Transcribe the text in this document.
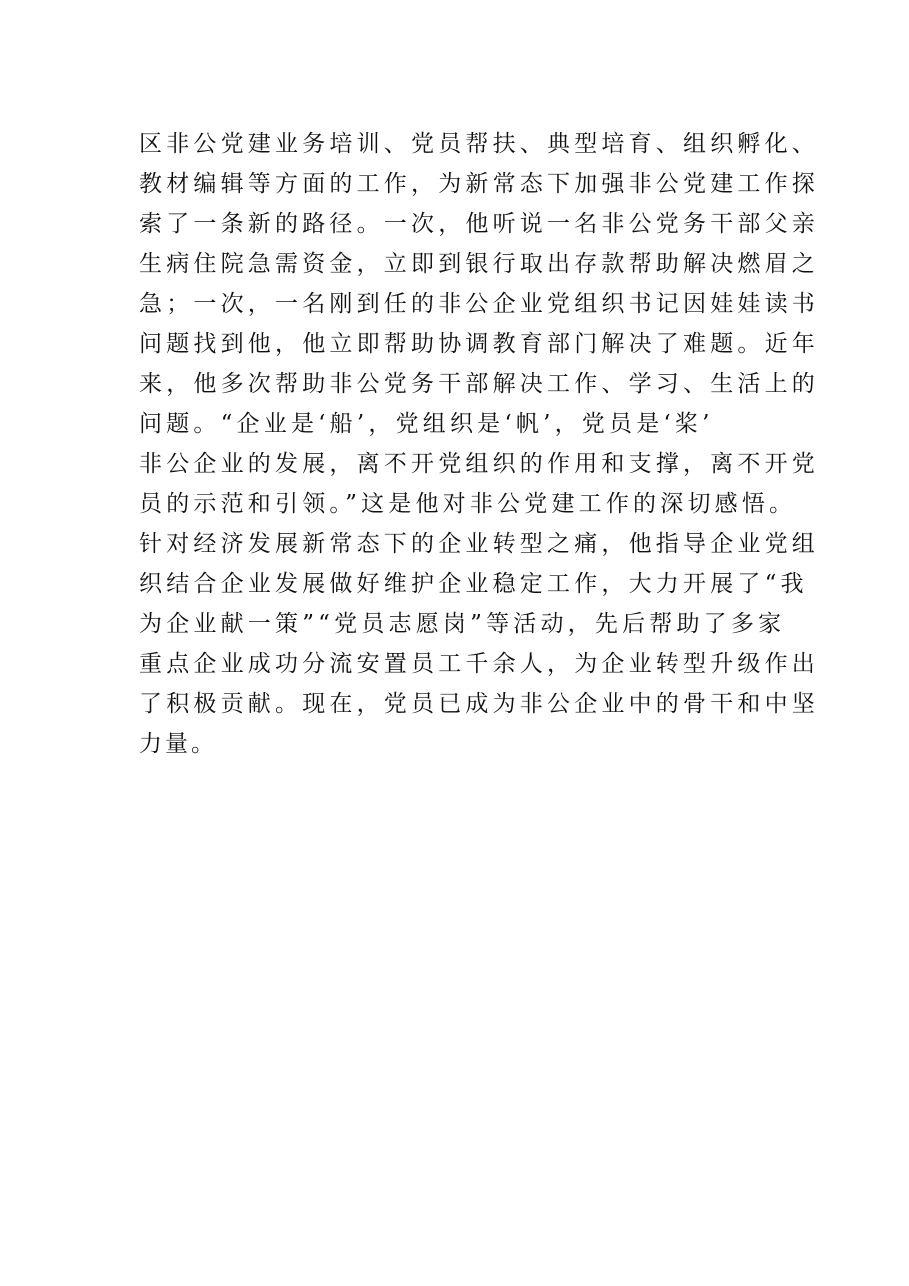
区非公党建业务培训、党员帮扶、典型培育、组织孵化、
教材编辑等方面的工作，为新常态下加强非公党建工作探
索了一条新的路径。一次，他听说一名非公党务干部父亲
生病住院急需资金，立即到银行取出存款帮助解决燃眉之
急；一次，一名刚到任的非公企业党组织书记因娃娃读书
问题找到他，他立即帮助协调教育部门解决了难题。近年
来，他多次帮助非公党务干部解决工作、学习、生活上的
问题。“企业是‘船’，党组织是‘帆’，党员是‘桨’
非公企业的发展，离不开党组织的作用和支撑，离不开党
员的示范和引领。”这是他对非公党建工作的深切感悟。
针对经济发展新常态下的企业转型之痛，他指导企业党组
织结合企业发展做好维护企业稳定工作，大力开展了“我
为企业献一策”“党员志愿岗”等活动，先后帮助了多家
重点企业成功分流安置员工千余人，为企业转型升级作出
了积极贡献。现在，党员已成为非公企业中的骨干和中坚
力量。
